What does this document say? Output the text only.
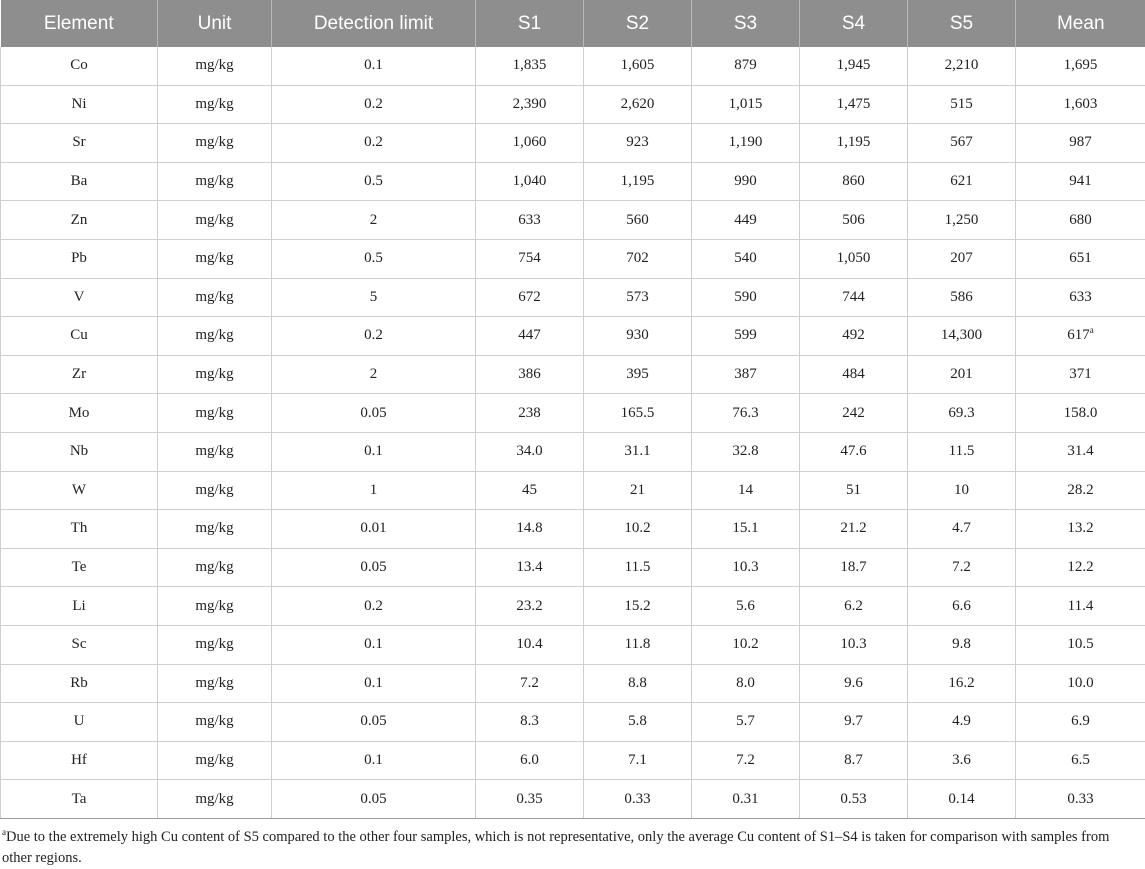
Element	Unit	Detection limit	S1	S2	S3	S4	S5	Mean
Co	mg/kg	0.1	1,835	1,605	879	1,945	2,210	1,695
Ni	mg/kg	0.2	2,390	2,620	1,015	1,475	515	1,603
Sr	mg/kg	0.2	1,060	923	1,190	1,195	567	987
Ba	mg/kg	0.5	1,040	1,195	990	860	621	941
Zn	mg/kg	2	633	560	449	506	1,250	680
Pb	mg/kg	0.5	754	702	540	1,050	207	651
V	mg/kg	5	672	573	590	744	586	633
Cu	mg/kg	0.2	447	930	599	492	14,300	617$^a$
Zr	mg/kg	2	386	395	387	484	201	371
Mo	mg/kg	0.05	238	165.5	76.3	242	69.3	158.0
Nb	mg/kg	0.1	34.0	31.1	32.8	47.6	11.5	31.4
W	mg/kg	1	45	21	14	51	10	28.2
Th	mg/kg	0.01	14.8	10.2	15.1	21.2	4.7	13.2
Te	mg/kg	0.05	13.4	11.5	10.3	18.7	7.2	12.2
Li	mg/kg	0.2	23.2	15.2	5.6	6.2	6.6	11.4
Sc	mg/kg	0.1	10.4	11.8	10.2	10.3	9.8	10.5
Rb	mg/kg	0.1	7.2	8.8	8.0	9.6	16.2	10.0
U	mg/kg	0.05	8.3	5.8	5.7	9.7	4.9	6.9
Hf	mg/kg	0.1	6.0	7.1	7.2	8.7	3.6	6.5
Ta	mg/kg	0.05	0.35	0.33	0.31	0.53	0.14	0.33
$^a$Due to the extremely high Cu content of S5 compared to the other four samples, which is not representative, only the average Cu content of S1–S4 is taken for comparison with samples from other regions.
